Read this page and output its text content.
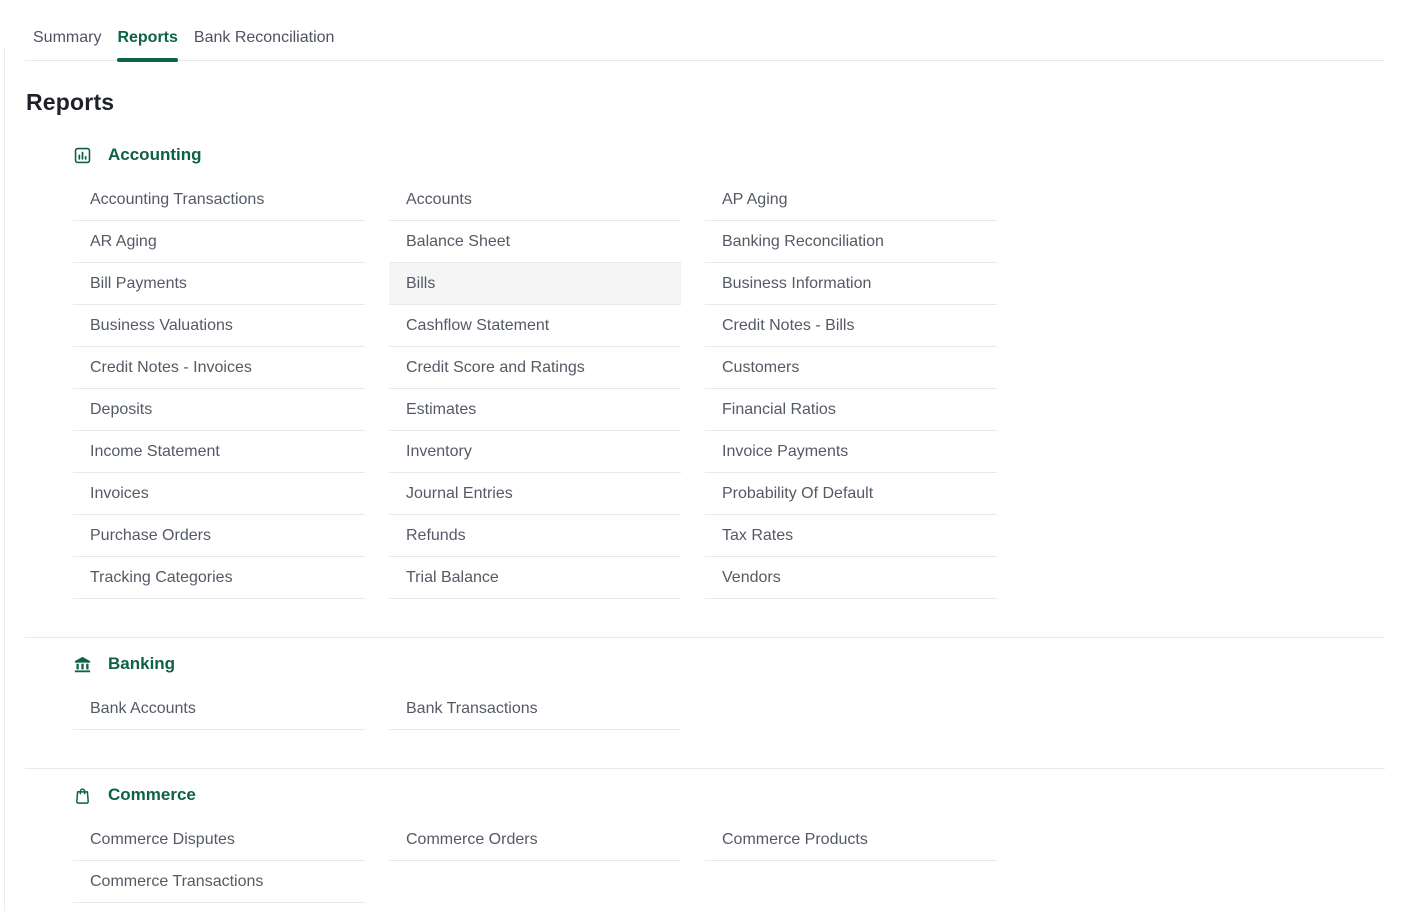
Summary Reports Bank Reconciliation
Reports
Accounting
Accounting Transactions	Accounts	AP Aging
AR Aging	Balance Sheet	Banking Reconciliation
Bill Payments	Bills	Business Information
Business Valuations	Cashflow Statement	Credit Notes - Bills
Credit Notes - Invoices	Credit Score and Ratings	Customers
Deposits	Estimates	Financial Ratios
Income Statement	Inventory	Invoice Payments
Invoices	Journal Entries	Probability Of Default
Purchase Orders	Refunds	Tax Rates
Tracking Categories	Trial Balance	Vendors
Banking
Bank Accounts	Bank Transactions
Commerce
Commerce Disputes	Commerce Orders	Commerce Products
Commerce Transactions
